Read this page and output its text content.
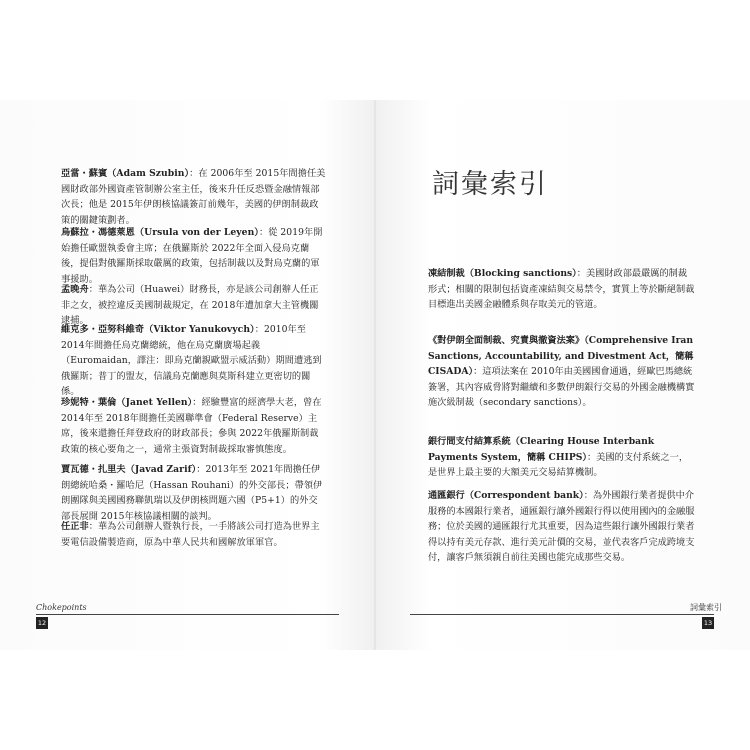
亞當・蘇賓（Adam Szubin）：在 2006年至 2015年間擔任美國財政部外國資產管制辦公室主任，後來升任反恐暨金融情報部次長；他是 2015年伊朗核協議簽訂前幾年，美國的伊朗制裁政策的關鍵策劃者。

烏蘇拉・馮德萊恩（Ursula von der Leyen）：從 2019年開始擔任歐盟執委會主席；在俄羅斯於 2022年全面入侵烏克蘭後，提倡對俄羅斯採取嚴厲的政策，包括制裁以及對烏克蘭的軍事援助。

孟晚舟：華為公司（Huawei）財務長，亦是該公司創辦人任正非之女，被控違反美國制裁規定，在 2018年遭加拿大主管機關逮捕。

維克多・亞努科維奇（Viktor Yanukovych）：2010年至 2014年間擔任烏克蘭總統，他在烏克蘭廣場起義（Euromaidan，譯注：即烏克蘭親歐盟示威活動）期間遭逃到俄羅斯；普丁的盟友，信議烏克蘭應與莫斯科建立更密切的關係。

珍妮特・葉倫（Janet Yellen）：經驗豐富的經濟學大老，曾在 2014年至 2018年間擔任美國聯準會（Federal Reserve）主席，後來還擔任拜登政府的財政部長；參與 2022年俄羅斯制裁政策的核心要角之一，通常主張資對制裁採取審慎態度。

賈瓦德・扎里夫（Javad Zarif）：2013年至 2021年間擔任伊朗總統哈桑・羅哈尼（Hassan Rouhani）的外交部長；帶領伊朗團隊與美國國務聯凱瑞以及伊朗核問題六國（P5+1）的外交部長展開 2015年核協議相關的談判。

任正非：華為公司創辦人暨執行長，一手將該公司打造為世界主要電信設備製造商，原為中華人民共和國解放軍軍官。

詞彙索引
凍結制裁（Blocking sanctions）：美國財政部最嚴厲的制裁形式；相關的限制包括資產凍結與交易禁令，實質上等於斷絕制裁目標進出美國金融體系與存取美元的管道。
《對伊朗全面制裁、究責與撤資法案》（Comprehensive Iran Sanctions, Accountability, and Divestment Act，簡稱 CISADA）：這項法案在 2010年由美國國會通過，經歐巴馬總統簽署，其內容威脅將對繼續和多數伊朗銀行交易的外國金融機構實施次級制裁（secondary sanctions）。
銀行間支付結算系統（Clearing House Interbank Payments System，簡稱 CHIPS）：美國的支付系統之一，是世界上最主要的大額美元交易結算機制。
通匯銀行（Correspondent bank）：為外國銀行業者提供中介服務的本國銀行業者，通匯銀行讓外國銀行得以使用國內的金融服務；位於美國的通匯銀行尤其重要，因為這些銀行讓外國銀行業者得以持有美元存款、進行美元計價的交易，並代表客戶完成跨境支付，讓客戶無須親自前往美國也能完成那些交易。
Chokepoints
12
詞彙索引
13
